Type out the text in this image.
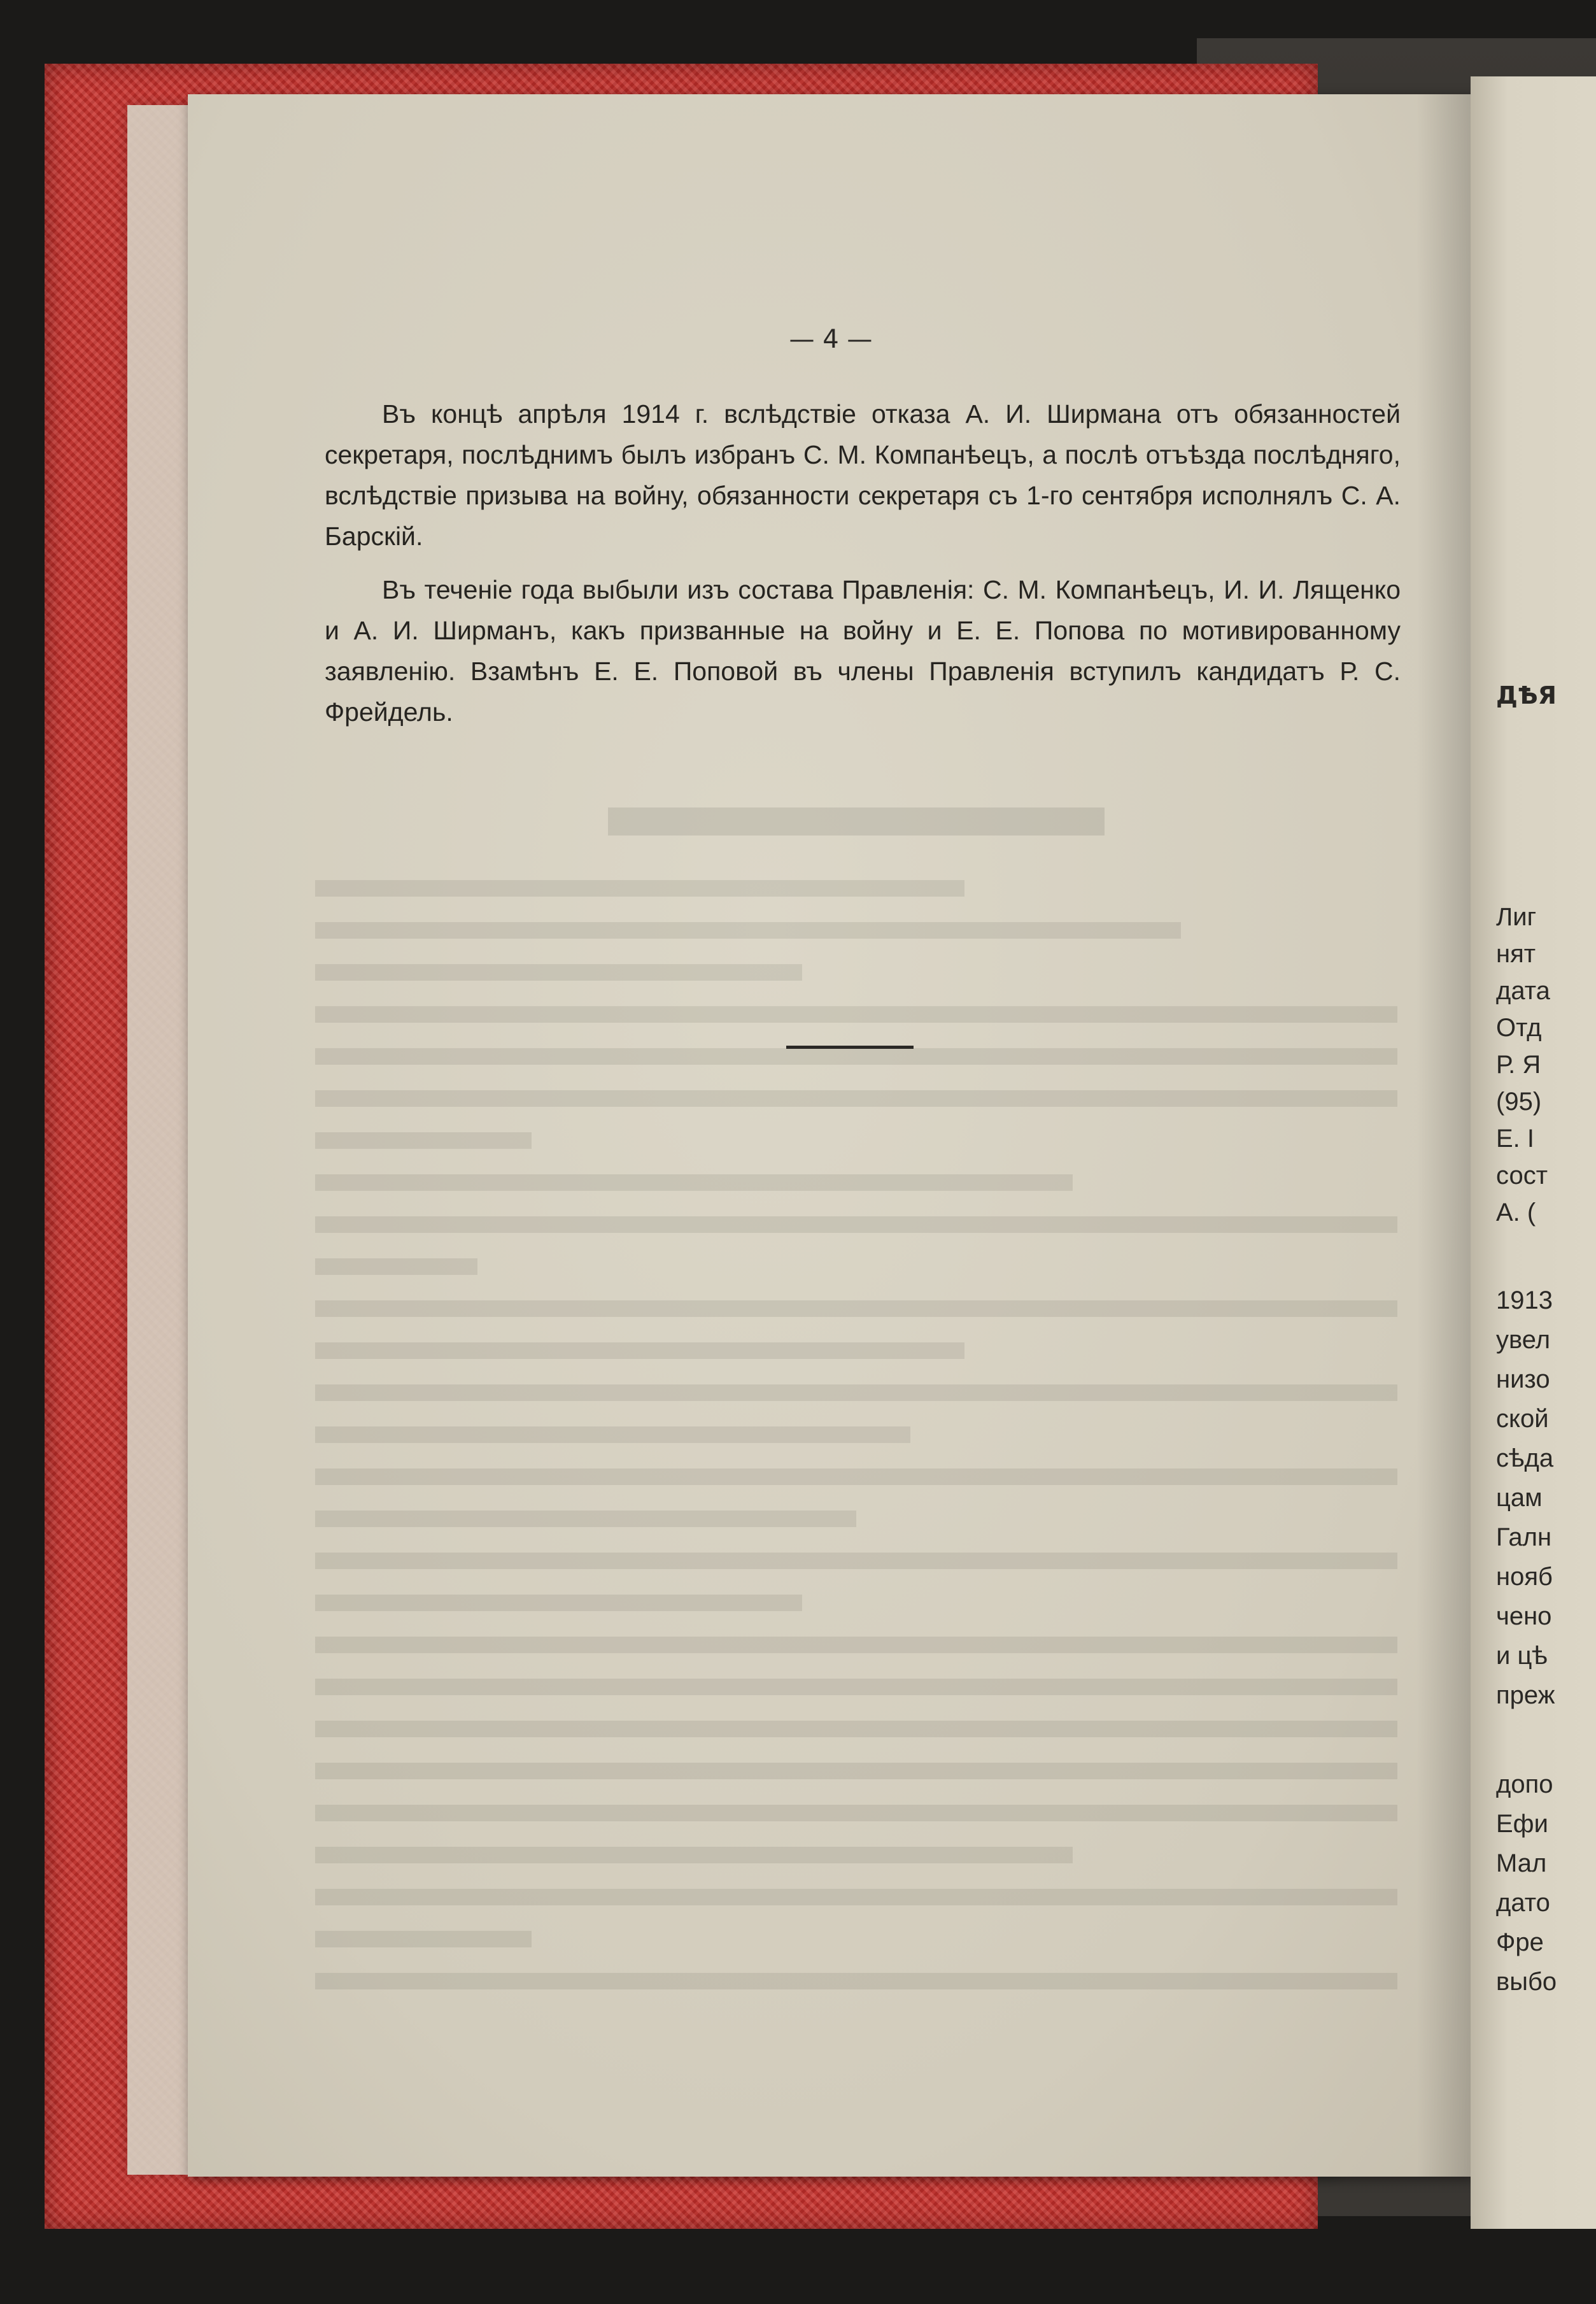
— 4 —

Въ концѣ апрѣля 1914 г. вслѣдствіе отказа А. И. Ширмана отъ обязанностей секретаря, послѣднимъ былъ избранъ С. М. Компанѣецъ, а послѣ отъѣзда послѣдняго, вслѣдствіе призыва на войну, обязанности секретаря съ 1-го сентября исполнялъ С. А. Барскій.

Въ теченіе года выбыли изъ состава Правленія: С. М. Компанѣецъ, И. И. Лященко и А. И. Ширманъ, какъ призванные на войну и Е. Е. Попова по мотивированному заявленію. Взамѣнъ Е. Е. Поповой въ члены Правленія вступилъ кандидатъ Р. С. Фрейдель.

ДѢЯ
Лиг
нят
дата
Отд
Р. Я
(95)
Е. I
сост
А. (
1913
увел
низо
ской
сѣда
цам
Галн
нояб
чено
и цѣ
преж
допо
Ефи
Мал
дато
Фре
выбо
